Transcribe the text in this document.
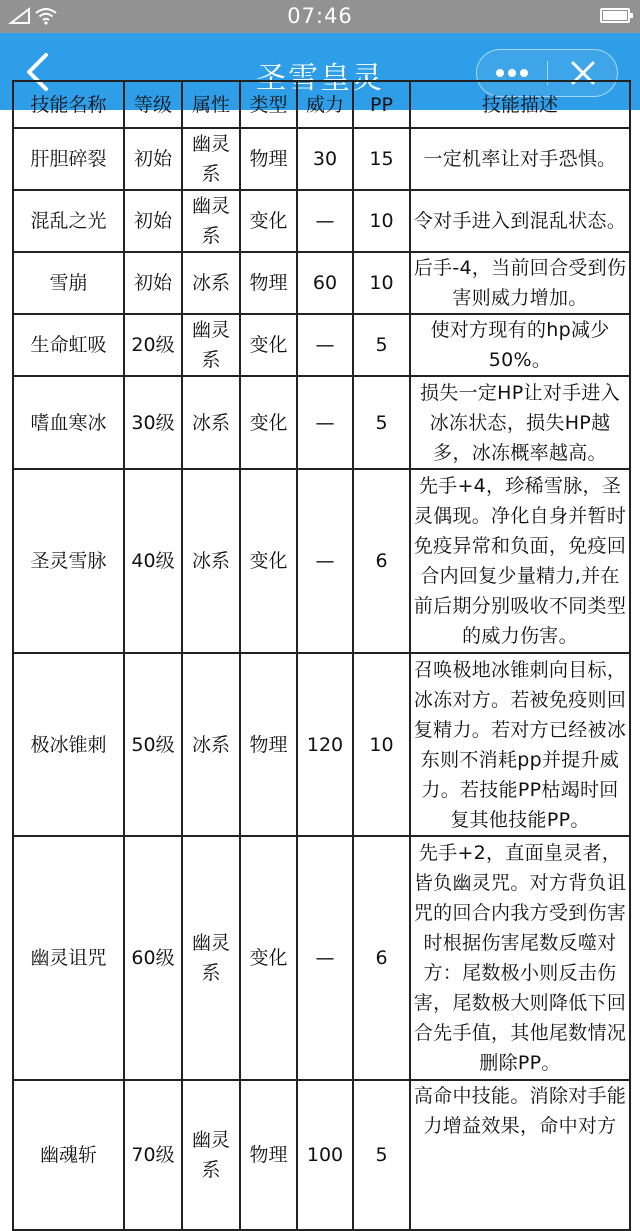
07:46
圣雪皇灵
技能名称	等级	属性	类型	威力	PP	技能描述
肝胆碎裂	初始	幽灵系	物理	30	15	一定机率让对手恐惧。
混乱之光	初始	幽灵系	变化	—	10	令对手进入到混乱状态。
雪崩	初始	冰系	物理	60	10	后手-4，当前回合受到伤害则威力增加。
生命虹吸	20级	幽灵系	变化	—	5	使对方现有的hp减少50%。
嗜血寒冰	30级	冰系	变化	—	5	损失一定HP让对手进入冰冻状态，损失HP越多，冰冻概率越高。
圣灵雪脉	40级	冰系	变化	—	6	先手+4，珍稀雪脉，圣灵偶现。净化自身并暂时免疫异常和负面，免疫回合内回复少量精力,并在前后期分别吸收不同类型的威力伤害。
极冰锥刺	50级	冰系	物理	120	10	召唤极地冰锥刺向目标，冰冻对方。若被免疫则回复精力。若对方已经被冰东则不消耗pp并提升威力。若技能PP枯竭时回复其他技能PP。
幽灵诅咒	60级	幽灵系	变化	—	6	先手+2，直面皇灵者，皆负幽灵咒。对方背负诅咒的回合内我方受到伤害时根据伤害尾数反噬对方：尾数极小则反击伤害，尾数极大则降低下回合先手值，其他尾数情况删除PP。
幽魂斩	70级	幽灵系	物理	100	5	高命中技能。消除对手能力增益效果，命中对方
